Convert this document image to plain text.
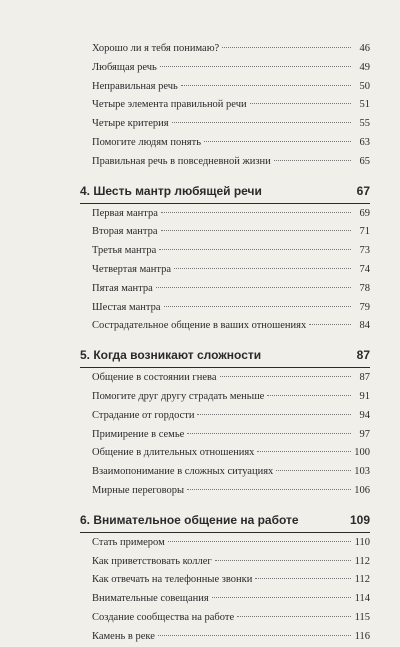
Хорошо ли я тебя понимаю?	46
Любящая речь	49
Неправильная речь	50
Четыре элемента правильной речи	51
Четыре критерия	55
Помогите людям понять	63
Правильная речь в повседневной жизни	65
4. Шесть мантр любящей речи	67
Первая мантра	69
Вторая мантра	71
Третья мантра	73
Четвертая мантра	74
Пятая мантра	78
Шестая мантра	79
Сострадательное общение в ваших отношениях	84
5. Когда возникают сложности	87
Общение в состоянии гнева	87
Помогите друг другу страдать меньше	91
Страдание от гордости	94
Примирение в семье	97
Общение в длительных отношениях	100
Взаимопонимание в сложных ситуациях	103
Мирные переговоры	106
6. Внимательное общение на работе	109
Стать примером	110
Как приветствовать коллег	112
Как отвечать на телефонные звонки	112
Внимательные совещания	114
Создание сообщества на работе	115
Камень в реке	116
